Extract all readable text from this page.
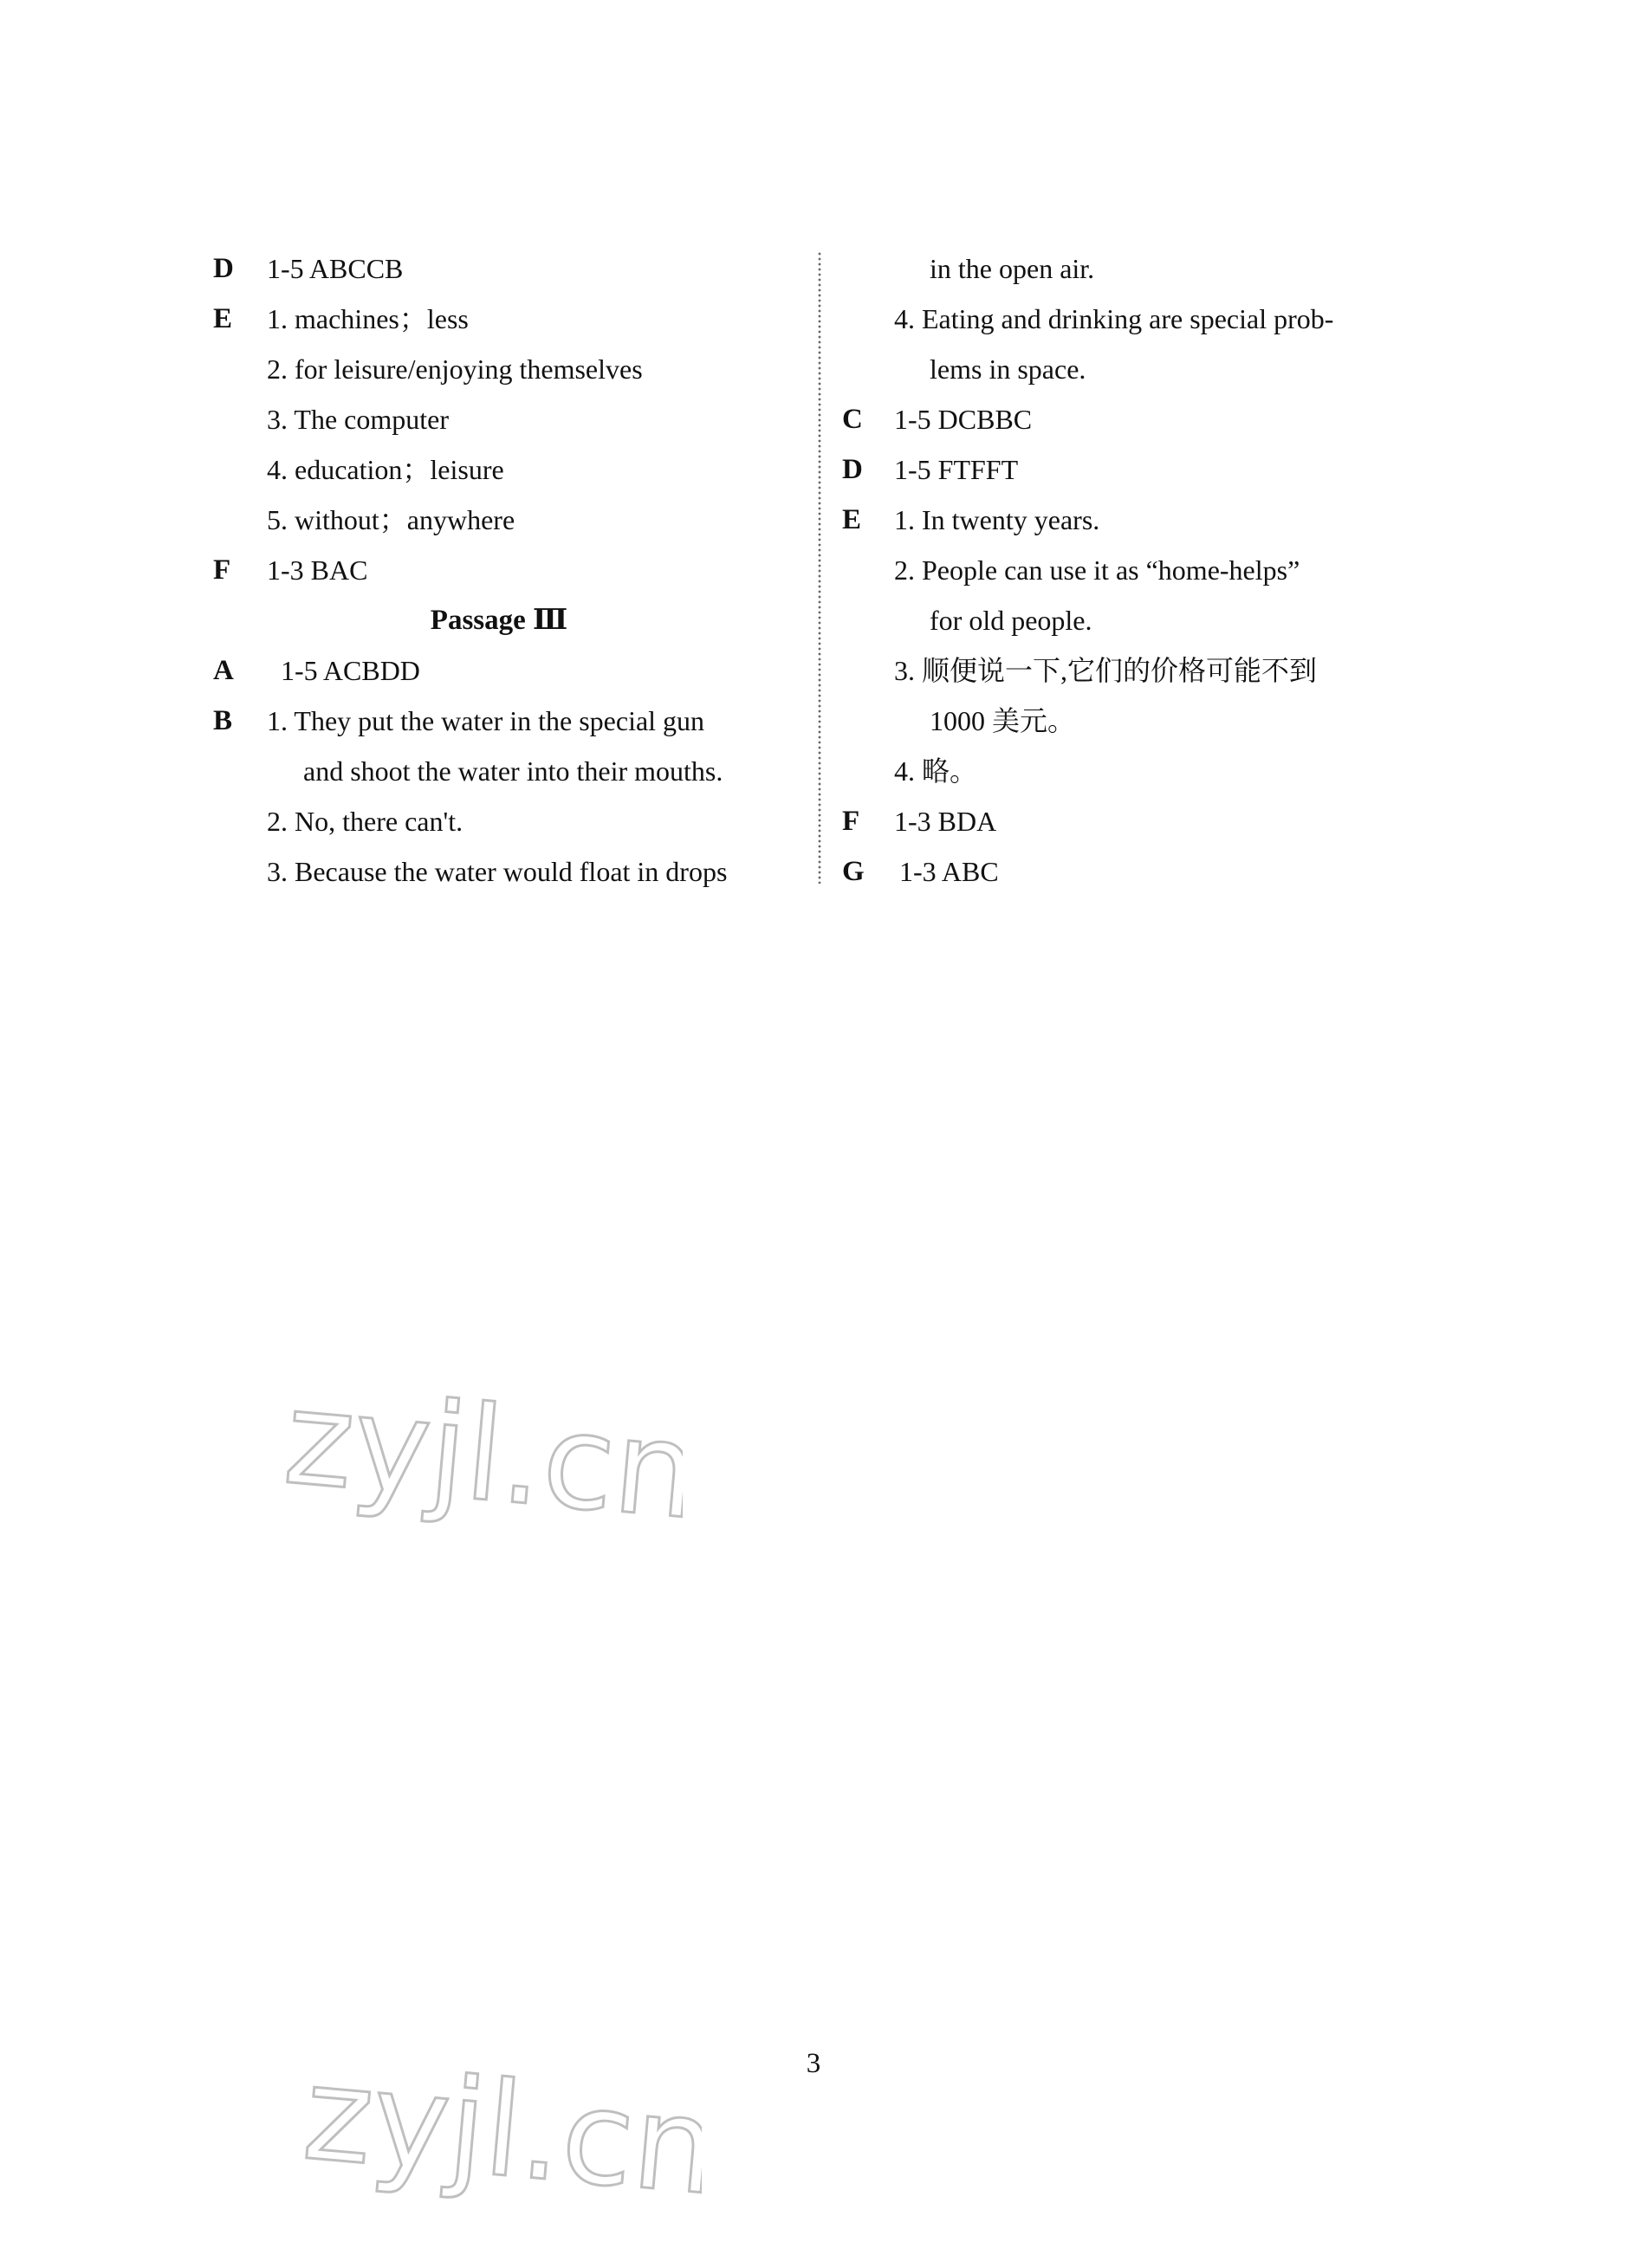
D 1-5 ABCCB
E 1. machines；less
2. for leisure/enjoying themselves
3. The computer
4. education；leisure
5. without；anywhere
F 1-3 BAC
Passage Ⅲ
A 1-5 ACBDD
B 1. They put the water in the special gun
and shoot the water into their mouths.
2. No, there can't.
3. Because the water would float in drops
in the open air.
4. Eating and drinking are special prob-
lems in space.
C 1-5 DCBBC
D 1-5 FTFFT
E 1. In twenty years.
2. People can use it as “home-helps”
for old people.
3. 顺便说一下,它们的价格可能不到
1000 美元。
4. 略。
F 1-3 BDA
G 1-3 ABC
3
zyjl.cn
zyjl.cn
